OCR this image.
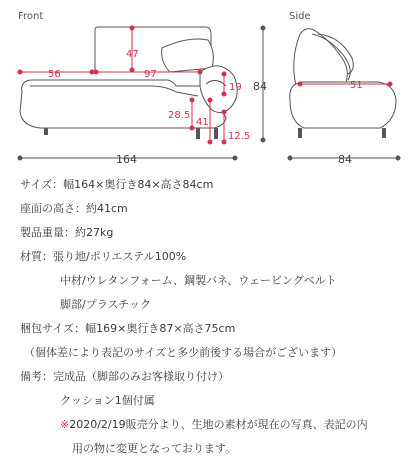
Front	Side
47
56	97
19
28.5
41
12.5
84
164
51
84
サイズ：幅164×奥行き84×高さ84cm
座面の高さ：約41cm
製品重量：約27kg
材質：張り地/ポリエステル100%
中材/ウレタンフォーム、鋼製バネ、ウェービングベルト
脚部/プラスチック
梱包サイズ：幅169×奥行き87×高さ75cm
（個体差により表記のサイズと多少前後する場合がございます）
備考：完成品（脚部のみお客様取り付け）
クッション1個付属
※2020/2/19販売分より、生地の素材が現在の写真、表記の内
用の物に変更となっております。
